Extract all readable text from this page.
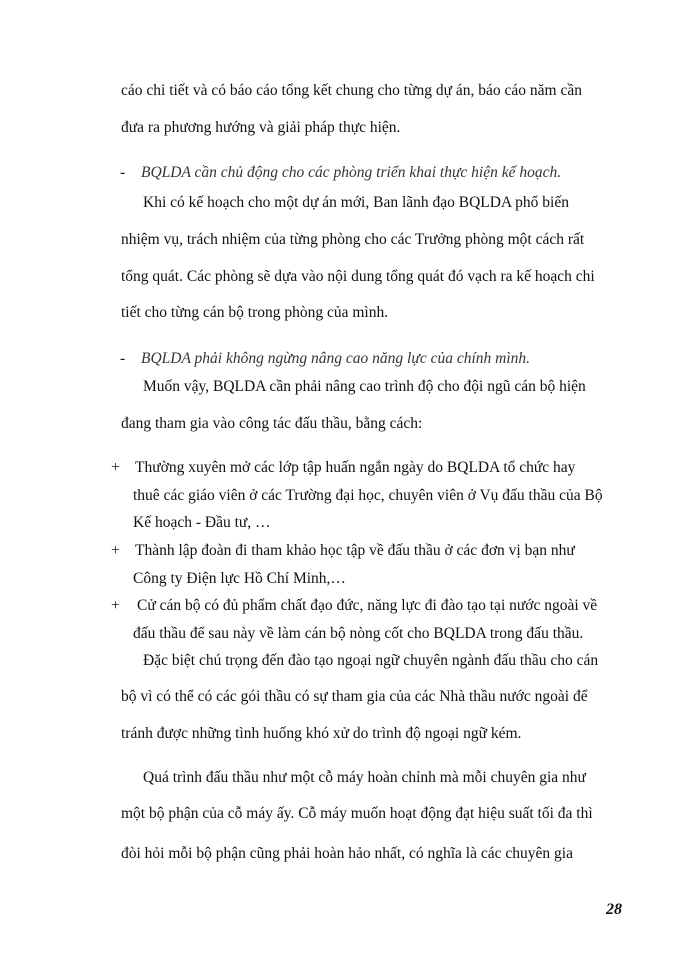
cáo chi tiết và có báo cáo tổng kết chung cho từng dự án, báo cáo năm cần
đưa ra phương hướng và giải pháp thực hiện.
- BQLDA cần chủ động cho các phòng triển khai thực hiện kế hoạch.
Khi có kế hoạch cho một dự án mới, Ban lãnh đạo BQLDA phổ biến
nhiệm vụ, trách nhiệm của từng phòng cho các Trưởng phòng một cách rất
tổng quát. Các phòng sẽ dựa vào nội dung tổng quát đó vạch ra kế hoạch chi
tiết cho từng cán bộ trong phòng của mình.
- BQLDA phải không ngừng nâng cao năng lực của chính mình.
Muốn vậy, BQLDA cần phải nâng cao trình độ cho đội ngũ cán bộ hiện
đang tham gia vào công tác đấu thầu, bằng cách:
+ Thường xuyên mở các lớp tập huấn ngắn ngày do BQLDA tổ chức hay
thuê các giáo viên ở các Trường đại học, chuyên viên ở Vụ đấu thầu của Bộ
Kế hoạch - Đầu tư, …
+ Thành lập đoàn đi tham khảo học tập về đấu thầu ở các đơn vị bạn như
Công ty Điện lực Hồ Chí Minh,…
+ Cử cán bộ có đủ phẩm chất đạo đức, năng lực đi đào tạo tại nước ngoài về
đấu thầu để sau này về làm cán bộ nòng cốt cho BQLDA trong đấu thầu.
Đặc biệt chú trọng đến đào tạo ngoại ngữ chuyên ngành đấu thầu cho cán
bộ vì có thể có các gói thầu có sự tham gia của các Nhà thầu nước ngoài để
tránh được những tình huống khó xử do trình độ ngoại ngữ kém.
Quá trình đấu thầu như một cỗ máy hoàn chỉnh mà mỗi chuyên gia như
một bộ phận của cỗ máy ấy. Cỗ máy muốn hoạt động đạt hiệu suất tối đa thì
đòi hỏi mỗi bộ phận cũng phải hoàn hảo nhất, có nghĩa là các chuyên gia
28
